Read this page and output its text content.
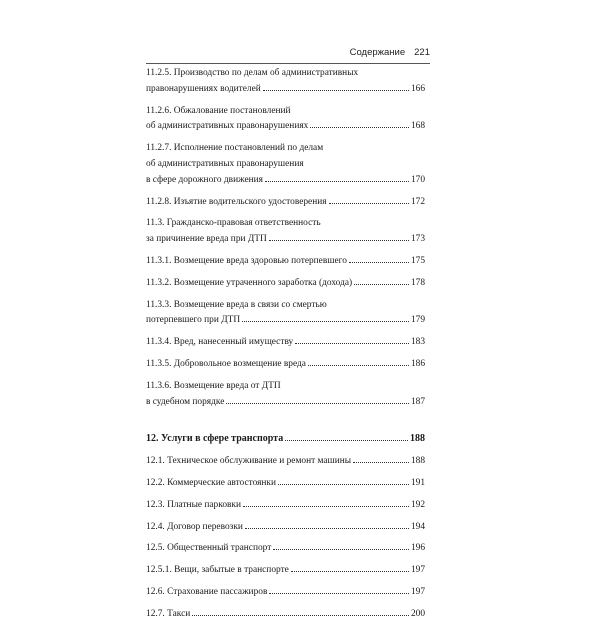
Содержание 221
11.2.5. Производство по делам об административных
правонарушениях водителей	166
11.2.6. Обжалование постановлений
об административных правонарушениях	168
11.2.7. Исполнение постановлений по делам
об административных правонарушения
в сфере дорожного движения	170
11.2.8. Изъятие водительского удостоверения	172
11.3. Гражданско-правовая ответственность
за причинение вреда при ДТП	173
11.3.1. Возмещение вреда здоровью потерпевшего	175
11.3.2. Возмещение утраченного заработка (дохода)	178
11.3.3. Возмещение вреда в связи со смертью
потерпевшего при ДТП	179
11.3.4. Вред, нанесенный имуществу	183
11.3.5. Добровольное возмещение вреда	186
11.3.6. Возмещение вреда от ДТП
в судебном порядке	187
12. Услуги в сфере транспорта	188
12.1. Техническое обслуживание и ремонт машины	188
12.2. Коммерческие автостоянки	191
12.3. Платные парковки	192
12.4. Договор перевозки	194
12.5. Общественный транспорт	196
12.5.1. Вещи, забытые в транспорте	197
12.6. Страхование пассажиров	197
12.7. Такси	200
